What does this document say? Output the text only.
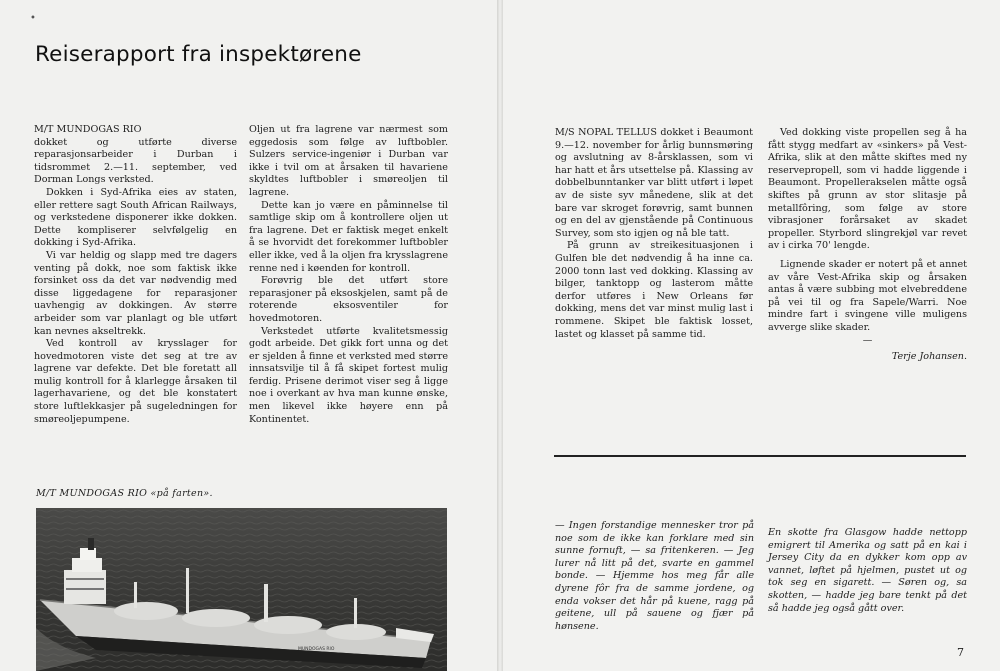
•
Reiserapport fra inspektørene

M/T MUNDOGAS RIO

dokket og utførte diverse reparasjonsarbeider i Durban i tidsrommet 2.—11. september, ved Dorman Longs verksted.

Dokken i Syd-Afrika eies av staten, eller rettere sagt South African Railways, og verkstedene disponerer ikke dokken. Dette kompliserer selvfølgelig en dokking i Syd-Afrika.

Vi var heldig og slapp med tre dagers venting på dokk, noe som faktisk ikke forsinket oss da det var nødvendig med disse liggedagene for reparasjoner uavhengig av dokkingen. Av større arbeider som var planlagt og ble utført kan nevnes akseltrekk.

Ved kontroll av krysslager for hovedmotoren viste det seg at tre av lagrene var defekte. Det ble foretatt all mulig kontroll for å klarlegge årsaken til lagerhavariene, og det ble konstatert store luftlekkasjer på sugeledningen for smøreoljepumpene.

Oljen ut fra lagrene var nærmest som eggedosis som følge av luftbobler. Sulzers service-ingeniør i Durban var ikke i tvil om at årsaken til havariene skyldtes luftbobler i smøreoljen til lagrene.

Dette kan jo være en påminnelse til samtlige skip om å kontrollere oljen ut fra lagrene. Det er faktisk meget enkelt å se hvorvidt det forekommer luftbobler eller ikke, ved å la oljen fra krysslagrene renne ned i køenden for kontroll.

Forøvrig ble det utført store reparasjoner på eksoskjelen, samt på de roterende eksosventiler for hovedmotoren.

Verkstedet utførte kvalitetsmessig godt arbeide. Det gikk fort unna og det er sjelden å finne et verksted med større innsatsvilje til å få skipet fortest mulig ferdig. Prisene derimot viser seg å ligge noe i overkant av hva man kunne ønske, men likevel ikke høyere enn på Kontinentet.

M/T MUNDOGAS RIO «på farten».
MUNDOGAS RIO

M/S NOPAL TELLUS dokket i Beaumont 9.—12. november for årlig bunnsmøring og avslutning av 8-årsklassen, som vi har hatt et års utsettelse på. Klassing av dobbelbunntanker var blitt utført i løpet av de siste syv månedene, slik at det bare var skroget forøvrig, samt bunnen og en del av gjenstående på Continuous Survey, som sto igjen og nå ble tatt.

På grunn av streikesituasjonen i Gulfen ble det nødvendig å ha inne ca. 2000 tonn last ved dokking. Klassing av bilger, tanktopp og lasterom måtte derfor utføres i New Orleans før dokking, mens det var minst mulig last i rommene. Skipet ble faktisk losset, lastet og klasset på samme tid.

Ved dokking viste propellen seg å ha fått stygg medfart av «sinkers» på Vest-Afrika, slik at den måtte skiftes med ny reservepropell, som vi hadde liggende i Beaumont. Propellerakselen måtte også skiftes på grunn av stor slitasje på metallfôring, som følge av store vibrasjoner forårsaket av skadet propeller. Styrbord slingrekjøl var revet av i cirka 70' lengde.

Lignende skader er notert på et annet av våre Vest-Afrika skip og årsaken antas å være subbing mot elvebreddene på vei til og fra Sapele/Warri. Noe mindre fart i svingene ville muligens avverge slike skader.

—

Terje Johansen.

— Ingen forstandige mennesker tror på noe som de ikke kan forklare med sin sunne fornuft, — sa fritenkeren. — Jeg lurer nå litt på det, svarte en gammel bonde. — Hjemme hos meg får alle dyrene fôr fra de samme jordene, og enda vokser det hår på kuene, ragg på geitene, ull på sauene og fjær på hønsene.
En skotte fra Glasgow hadde nettopp emigrert til Amerika og satt på en kai i Jersey City da en dykker kom opp av vannet, løftet på hjelmen, pustet ut og tok seg en sigarett. — Søren og, sa skotten, — hadde jeg bare tenkt på det så hadde jeg også gått over.
7
